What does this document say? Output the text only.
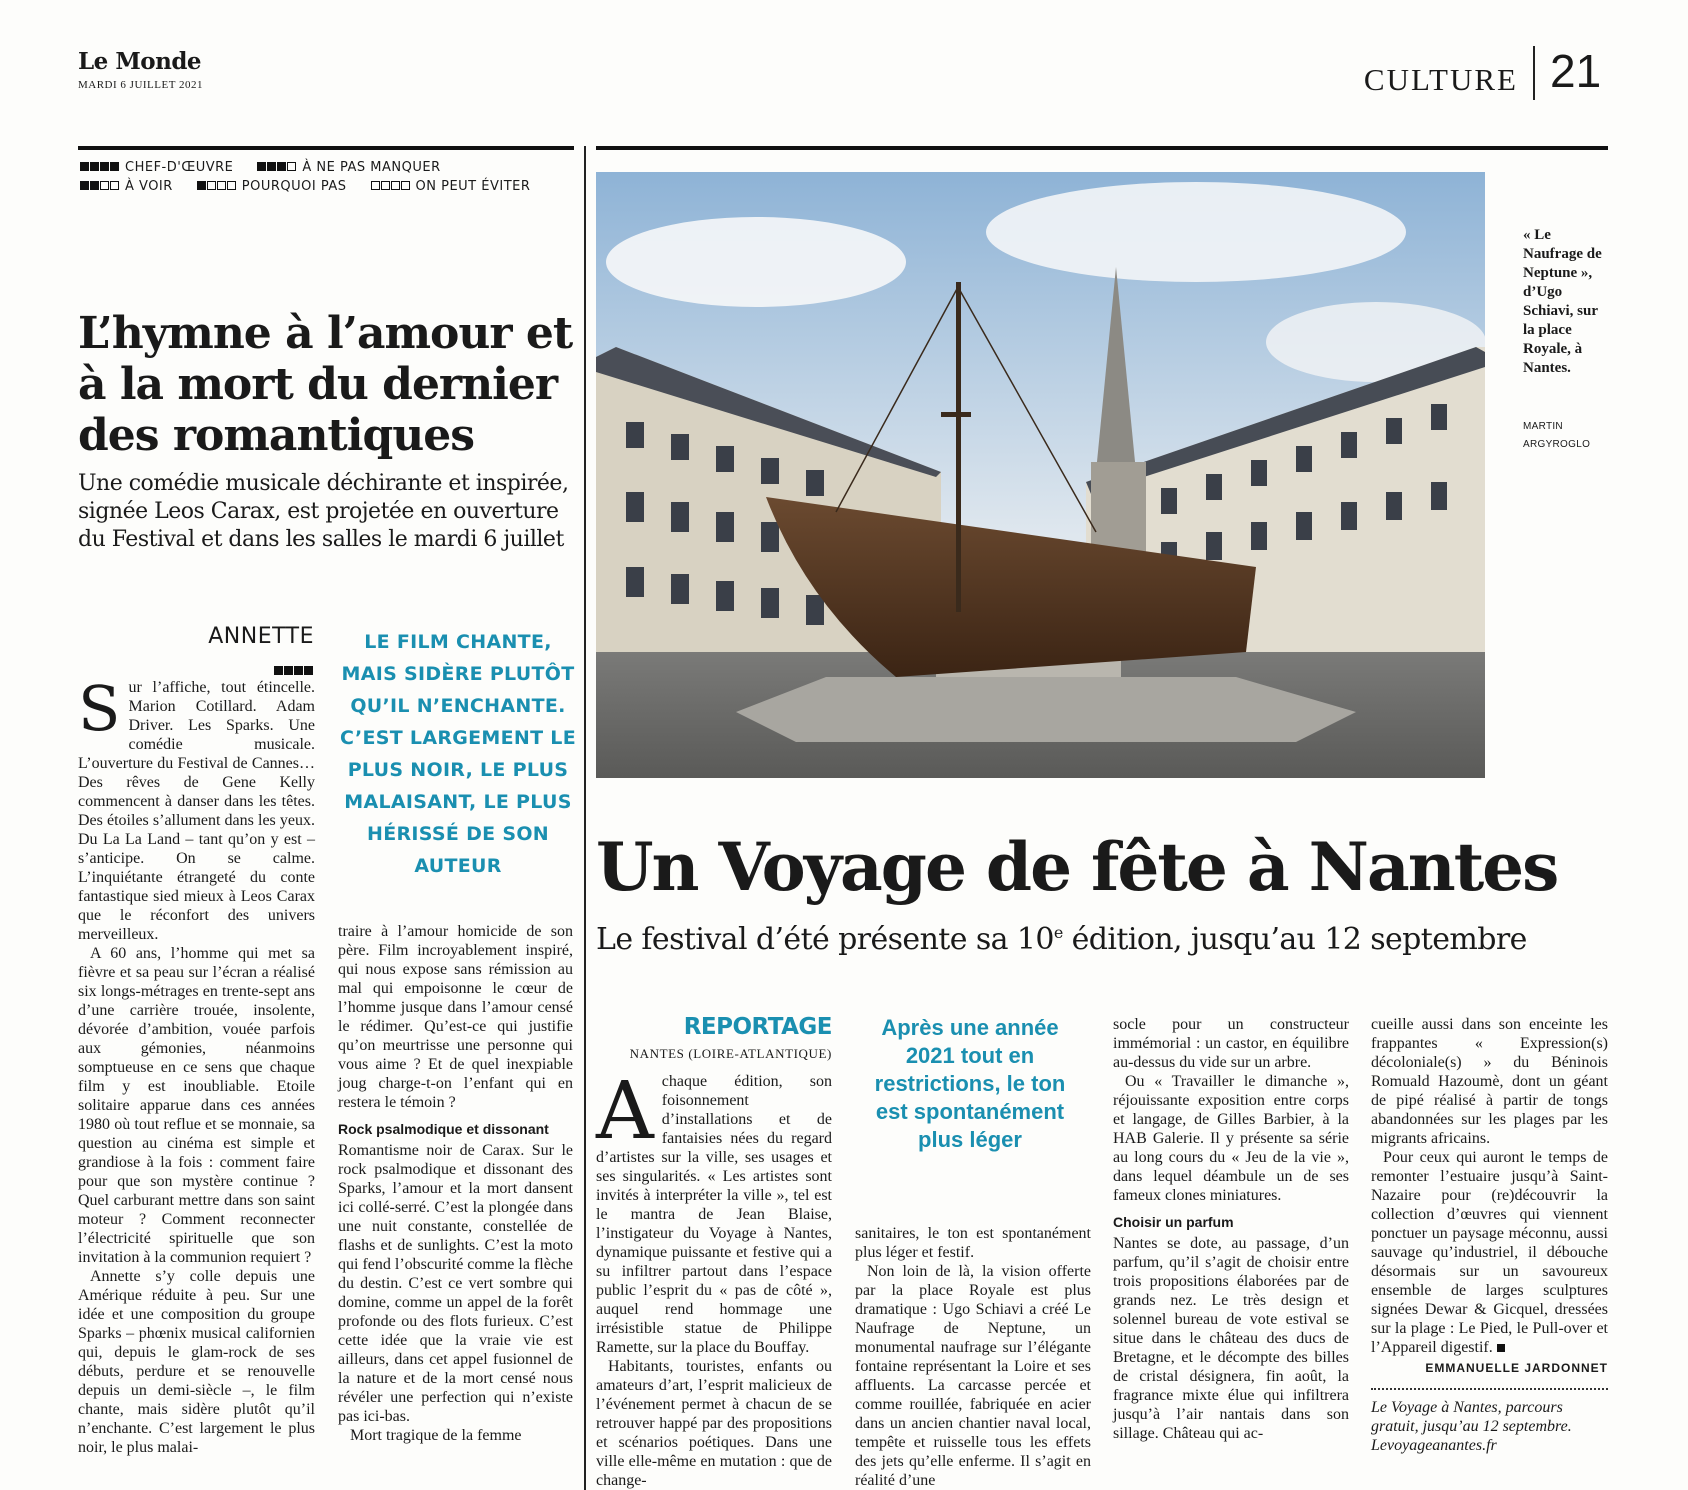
Le Monde
MARDI 6 JUILLET 2021	CULTURE 21
CHEF-D'ŒUVRE	À NE PAS MANQUER
À VOIR	POURQUOI PAS	ON PEUT ÉVITER
L’hymne à l’amour et à la mort du dernier des romantiques
Une comédie musicale déchirante et inspirée, signée Leos Carax, est projetée en ouverture du Festival et dans les salles le mardi 6 juillet
ANNETTE	LE FILM CHANTE, MAIS SIDÈRE PLUTÔT QU’IL N’ENCHANTE. C’EST LARGEMENT LE PLUS NOIR, LE PLUS MALAISANT, LE PLUS HÉRISSÉ DE SON AUTEUR

Sur l’affiche, tout étincelle. Marion Cotillard. Adam Driver. Les Sparks. Une comédie musicale. L’ouverture du Festival de Cannes… Des rêves de Gene Kelly commencent à danser dans les têtes. Des étoiles s’allument dans les yeux. Du La La Land – tant qu’on y est – s’anticipe. On se calme. L’inquiétante étrangeté du conte fantastique sied mieux à Leos Carax que le réconfort des univers merveilleux.

A 60 ans, l’homme qui met sa fièvre et sa peau sur l’écran a réalisé six longs-métrages en trente-sept ans d’une carrière trouée, insolente, dévorée d’ambition, vouée parfois aux gémonies, néanmoins somptueuse en ce sens que chaque film y est inoubliable. Etoile solitaire apparue dans ces années 1980 où tout reflue et se monnaie, sa question au cinéma est simple et grandiose à la fois : comment faire pour que son mystère continue ? Quel carburant mettre dans son saint moteur ? Comment reconnecter l’électricité spirituelle que son invitation à la communion requiert ?

Annette s’y colle depuis une Amérique réduite à peu. Sur une idée et une composition du groupe Sparks – phœnix musical californien qui, depuis le glam-rock de ses débuts, perdure et se renouvelle depuis un demi-siècle –, le film chante, mais sidère plutôt qu’il n’enchante. C’est largement le plus noir, le plus malai-

traire à l’amour homicide de son père. Film incroyablement inspiré, qui nous expose sans rémission au mal qui empoisonne le cœur de l’homme jusque dans l’amour censé le rédimer. Qu’est-ce qui justifie qu’on meurtrisse une personne qui vous aime ? Et de quel inexpiable joug charge-t-on l’enfant qui en restera le témoin ?

Rock psalmodique et dissonant

Romantisme noir de Carax. Sur le rock psalmodique et dissonant des Sparks, l’amour et la mort dansent ici collé-serré. C’est la plongée dans une nuit constante, constellée de flashs et de sunlights. C’est la moto qui fend l’obscurité comme la flèche du destin. C’est ce vert sombre qui domine, comme un appel de la forêt profonde ou des flots furieux. C’est cette idée que la vraie vie est ailleurs, dans cet appel fusionnel de la nature et de la mort censé nous révéler une perfection qui n’existe pas ici-bas.

Mort tragique de la femme

« Le Naufrage de Neptune », d’Ugo Schiavi, sur la place Royale, à Nantes.
MARTIN ARGYROGLO
Un Voyage de fête à Nantes
Le festival d’été présente sa 10e édition, jusqu’au 12 septembre
REPORTAGE
NANTES (LOIRE-ATLANTIQUE)
Après une année 2021 tout en restrictions, le ton est spontanément plus léger

Achaque édition, son foisonnement d’installations et de fantaisies nées du regard d’artistes sur la ville, ses usages et ses singularités. « Les artistes sont invités à interpréter la ville », tel est le mantra de Jean Blaise, l’instigateur du Voyage à Nantes, dynamique puissante et festive qui a su infiltrer partout dans l’espace public l’esprit du « pas de côté », auquel rend hommage une irrésistible statue de Philippe Ramette, sur la place du Bouffay.

Habitants, touristes, enfants ou amateurs d’art, l’esprit malicieux de l’événement permet à chacun de se retrouver happé par des propositions et scénarios poétiques. Dans une ville elle-même en mutation : que de change-

sanitaires, le ton est spontanément plus léger et festif.

Non loin de là, la vision offerte par la place Royale est plus dramatique : Ugo Schiavi a créé Le Naufrage de Neptune, un monumental naufrage sur l’élégante fontaine représentant la Loire et ses affluents. La carcasse percée et comme rouillée, fabriquée en acier dans un ancien chantier naval local, tempête et ruisselle tous les effets des jets qu’elle enferme. Il s’agit en réalité d’une

socle pour un constructeur immémorial : un castor, en équilibre au-dessus du vide sur un arbre.

Ou « Travailler le dimanche », réjouissante exposition entre corps et langage, de Gilles Barbier, à la HAB Galerie. Il y présente sa série au long cours du « Jeu de la vie », dans lequel déambule un de ses fameux clones miniatures.

Choisir un parfum

Nantes se dote, au passage, d’un parfum, qu’il s’agit de choisir entre trois propositions élaborées par de grands nez. Le très design et solennel bureau de vote estival se situe dans le château des ducs de Bretagne, et le décompte des billes de cristal désignera, fin août, la fragrance mixte élue qui infiltrera jusqu’à l’air nantais dans son sillage. Château qui ac-

cueille aussi dans son enceinte les frappantes « Expression(s) décoloniale(s) » du Béninois Romuald Hazoumè, dont un géant de pipé réalisé à partir de tongs abandonnées sur les plages par les migrants africains.

Pour ceux qui auront le temps de remonter l’estuaire jusqu’à Saint-Nazaire pour (re)découvrir la collection d’œuvres qui viennent ponctuer un paysage méconnu, aussi sauvage qu’industriel, il débouche désormais sur un savoureux ensemble de larges sculptures signées Dewar & Gicquel, dressées sur la plage : Le Pied, le Pull-over et l’Appareil digestif.

EMMANUELLE JARDONNET

Le Voyage à Nantes, parcours gratuit, jusqu’au 12 septembre. Levoyageanantes.fr
